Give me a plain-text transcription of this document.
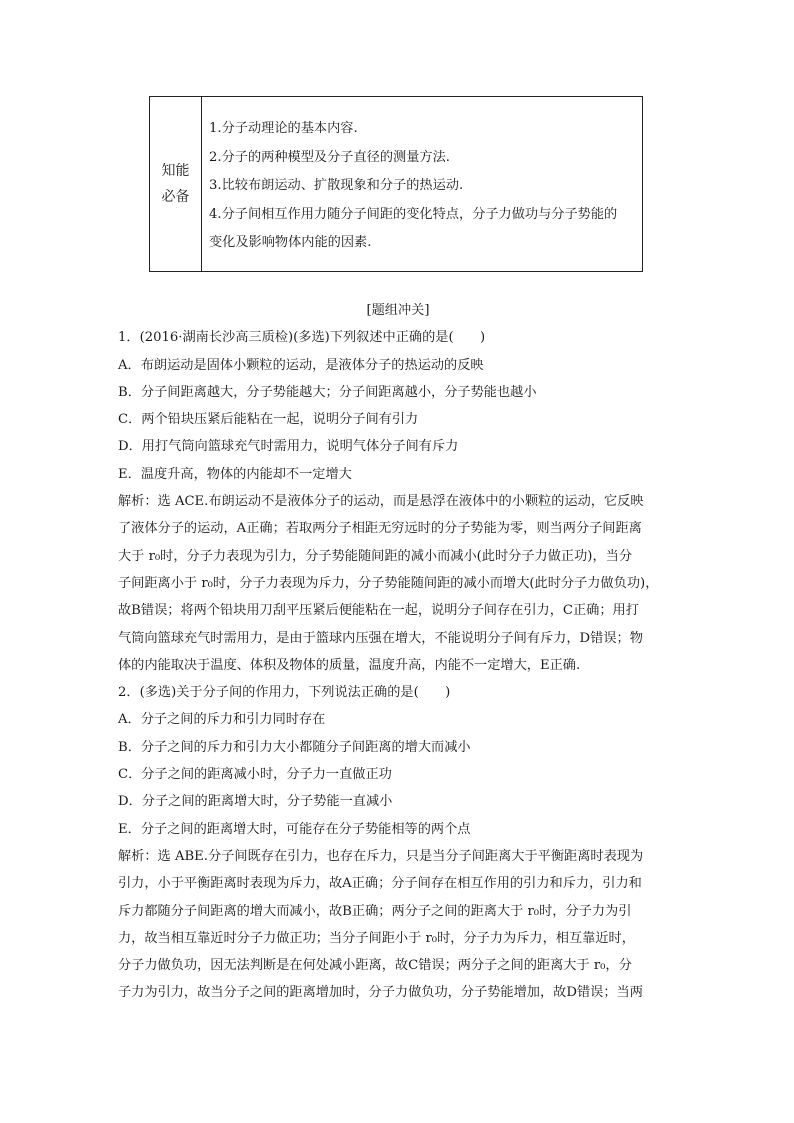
知能
必备
1.分子动理论的基本内容.
2.分子的两种模型及分子直径的测量方法.
3.比较布朗运动、扩散现象和分子的热运动.
4.分子间相互作用力随分子间距的变化特点，分子力做功与分子势能的
变化及影响物体内能的因素.
[题组冲关]
1．(2016·湖南长沙高三质检)(多选)下列叙述中正确的是(　　)
A．布朗运动是固体小颗粒的运动，是液体分子的热运动的反映
B．分子间距离越大，分子势能越大；分子间距离越小，分子势能也越小
C．两个铅块压紧后能粘在一起，说明分子间有引力
D．用打气筒向篮球充气时需用力，说明气体分子间有斥力
E．温度升高，物体的内能却不一定增大
解析：选 ACE.布朗运动不是液体分子的运动，而是悬浮在液体中的小颗粒的运动，它反映
了液体分子的运动，A正确；若取两分子相距无穷远时的分子势能为零，则当两分子间距离
大于 r₀时，分子力表现为引力，分子势能随间距的减小而减小(此时分子力做正功)，当分
子间距离小于 r₀时，分子力表现为斥力，分子势能随间距的减小而增大(此时分子力做负功)，
故B错误；将两个铅块用刀刮平压紧后便能粘在一起，说明分子间存在引力，C正确；用打
气筒向篮球充气时需用力，是由于篮球内压强在增大，不能说明分子间有斥力，D错误；物
体的内能取决于温度、体积及物体的质量，温度升高，内能不一定增大，E正确.
2．(多选)关于分子间的作用力，下列说法正确的是(　　)
A．分子之间的斥力和引力同时存在
B．分子之间的斥力和引力大小都随分子间距离的增大而减小
C．分子之间的距离减小时，分子力一直做正功
D．分子之间的距离增大时，分子势能一直减小
E．分子之间的距离增大时，可能存在分子势能相等的两个点
解析：选 ABE.分子间既存在引力，也存在斥力，只是当分子间距离大于平衡距离时表现为
引力，小于平衡距离时表现为斥力，故A正确；分子间存在相互作用的引力和斥力，引力和
斥力都随分子间距离的增大而减小，故B正确；两分子之间的距离大于 r₀时，分子力为引
力，故当相互靠近时分子力做正功；当分子间距小于 r₀时，分子力为斥力，相互靠近时，
分子力做负功，因无法判断是在何处减小距离，故C错误；两分子之间的距离大于 r₀，分
子力为引力，故当分子之间的距离增加时，分子力做负功，分子势能增加，故D错误；当两
